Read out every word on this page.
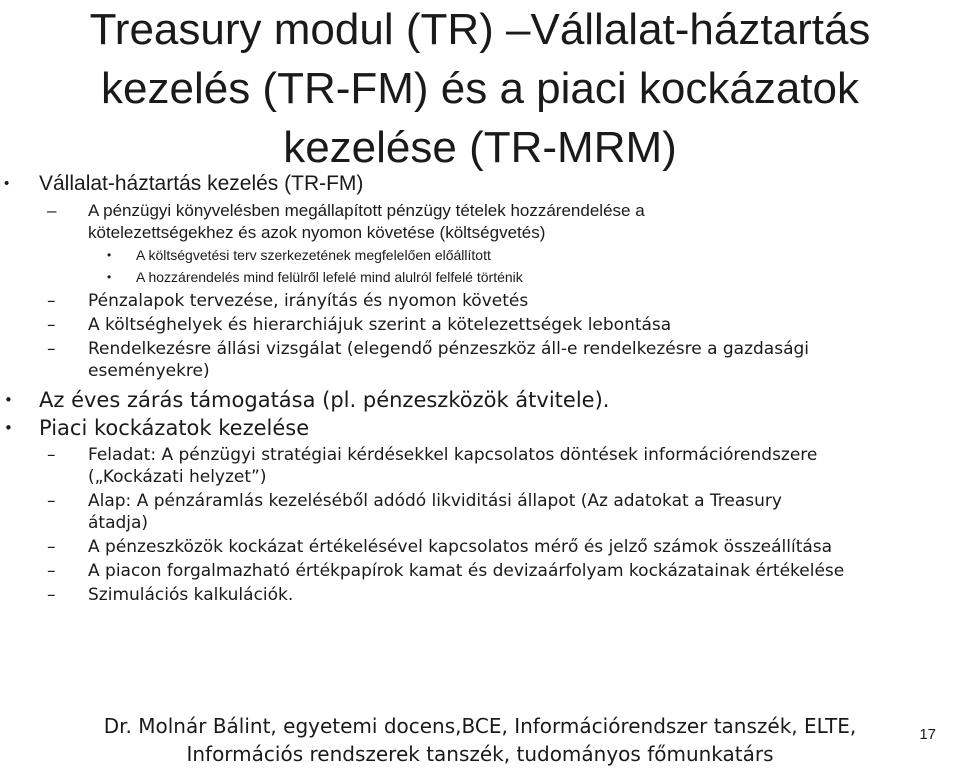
Treasury modul (TR) –Vállalat-háztartás
kezelés (TR-FM) és a piaci kockázatok
kezelése (TR-MRM)
• Vállalat-háztartás kezelés (TR-FM)
– A pénzügyi könyvelésben megállapított pénzügy tételek hozzárendelése a
kötelezettségekhez és azok nyomon követése (költségvetés)
• A költségvetési terv szerkezetének megfelelően előállított
• A hozzárendelés mind felülről lefelé mind alulról felfelé történik
– Pénzalapok tervezése, irányítás és nyomon követés
– A költséghelyek és hierarchiájuk szerint a kötelezettségek lebontása
– Rendelkezésre állási vizsgálat (elegendő pénzeszköz áll-e rendelkezésre a gazdasági
eseményekre)
• Az éves zárás támogatása (pl. pénzeszközök átvitele).
• Piaci kockázatok kezelése
– Feladat: A pénzügyi stratégiai kérdésekkel kapcsolatos döntések információrendszere
(„Kockázati helyzet”)
– Alap: A pénzáramlás kezeléséből adódó likviditási állapot (Az adatokat a Treasury
átadja)
– A pénzeszközök kockázat értékelésével kapcsolatos mérő és jelző számok összeállítása
– A piacon forgalmazható értékpapírok kamat és devizaárfolyam kockázatainak értékelése
– Szimulációs kalkulációk.
Dr. Molnár Bálint, egyetemi docens,BCE, Információrendszer tanszék, ELTE,
Információs rendszerek tanszék, tudományos főmunkatárs
17
